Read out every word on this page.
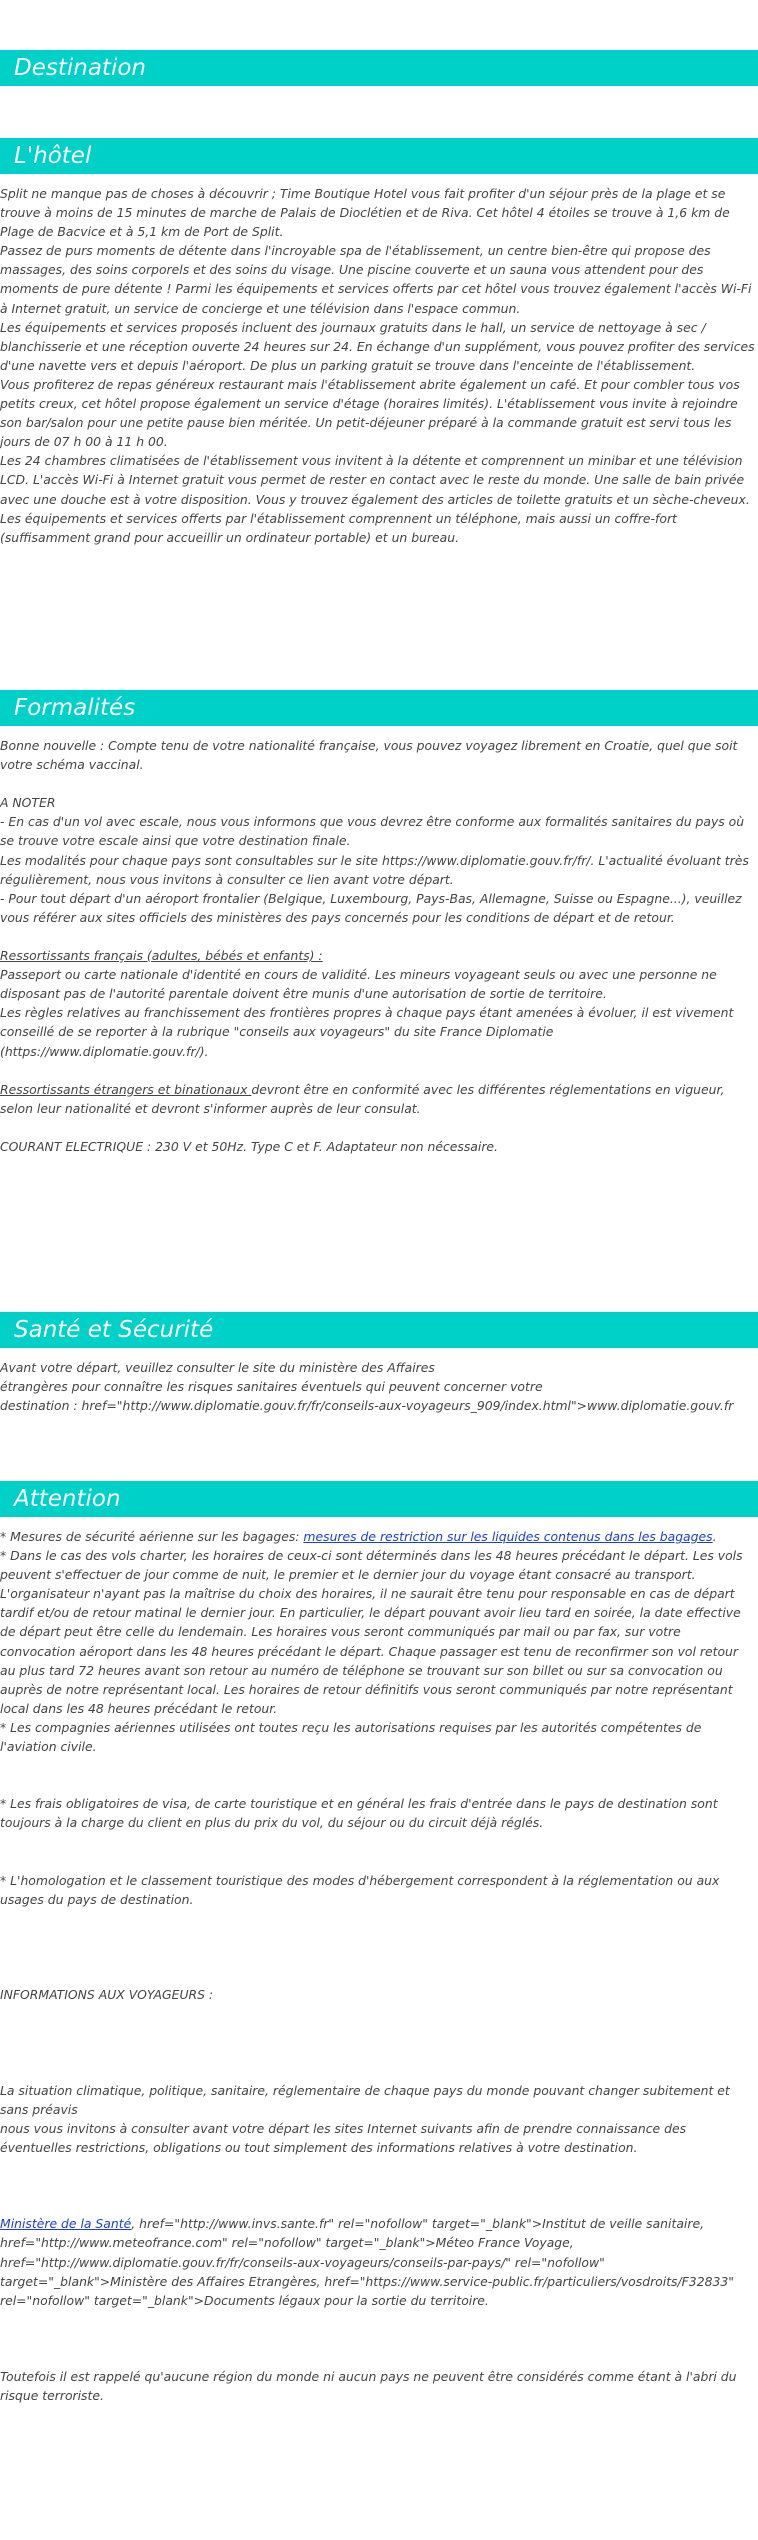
Destination
L'hôtel

Split ne manque pas de choses à découvrir ; Time Boutique Hotel vous fait profiter d'un séjour près de la plage et se trouve à moins de 15 minutes de marche de Palais de Dioclétien et de Riva. Cet hôtel 4 étoiles se trouve à 1,6 km de Plage de Bacvice et à 5,1 km de Port de Split.

Passez de purs moments de détente dans l'incroyable spa de l'établissement, un centre bien-être qui propose des massages, des soins corporels et des soins du visage. Une piscine couverte et un sauna vous attendent pour des moments de pure détente ! Parmi les équipements et services offerts par cet hôtel vous trouvez également l'accès Wi-Fi à Internet gratuit, un service de concierge et une télévision dans l'espace commun.

Les équipements et services proposés incluent des journaux gratuits dans le hall, un service de nettoyage à sec / blanchisserie et une réception ouverte 24 heures sur 24. En échange d'un supplément, vous pouvez profiter des services d'une navette vers et depuis l'aéroport. De plus un parking gratuit se trouve dans l'enceinte de l'établissement.

Vous profiterez de repas généreux restaurant mais l'établissement abrite également un café. Et pour combler tous vos petits creux, cet hôtel propose également un service d'étage (horaires limités). L'établissement vous invite à rejoindre son bar/salon pour une petite pause bien méritée. Un petit-déjeuner préparé à la commande gratuit est servi tous les jours de 07 h 00 à 11 h 00.

Les 24 chambres climatisées de l'établissement vous invitent à la détente et comprennent un minibar et une télévision LCD. L'accès Wi-Fi à Internet gratuit vous permet de rester en contact avec le reste du monde. Une salle de bain privée avec une douche est à votre disposition. Vous y trouvez également des articles de toilette gratuits et un sèche-cheveux.

Les équipements et services offerts par l'établissement comprennent un téléphone, mais aussi un coffre-fort (suffisamment grand pour accueillir un ordinateur portable) et un bureau.

Formalités

Bonne nouvelle : Compte tenu de votre nationalité française, vous pouvez voyagez librement en Croatie, quel que soit votre schéma vaccinal.

A NOTER

- En cas d'un vol avec escale, nous vous informons que vous devrez être conforme aux formalités sanitaires du pays où se trouve votre escale ainsi que votre destination finale.

Les modalités pour chaque pays sont consultables sur le site https://www.diplomatie.gouv.fr/fr/. L'actualité évoluant très régulièrement, nous vous invitons à consulter ce lien avant votre départ.

- Pour tout départ d'un aéroport frontalier (Belgique, Luxembourg, Pays-Bas, Allemagne, Suisse ou Espagne...), veuillez vous référer aux sites officiels des ministères des pays concernés pour les conditions de départ et de retour.

Ressortissants français (adultes, bébés et enfants) :

Passeport ou carte nationale d'identité en cours de validité. Les mineurs voyageant seuls ou avec une personne ne disposant pas de l'autorité parentale doivent être munis d'une autorisation de sortie de territoire.

Les règles relatives au franchissement des frontières propres à chaque pays étant amenées à évoluer, il est vivement conseillé de se reporter à la rubrique "conseils aux voyageurs" du site France Diplomatie (https://www.diplomatie.gouv.fr/).

Ressortissants étrangers et binationaux devront être en conformité avec les différentes réglementations en vigueur, selon leur nationalité et devront s'informer auprès de leur consulat.

COURANT ELECTRIQUE : 230 V et 50Hz. Type C et F. Adaptateur non nécessaire.

Santé et Sécurité

Avant votre départ, veuillez consulter le site du ministère des Affaires

étrangères pour connaître les risques sanitaires éventuels qui peuvent concerner votre

destination : href="http://www.diplomatie.gouv.fr/fr/conseils-aux-voyageurs_909/index.html">www.diplomatie.gouv.fr

Attention

* Mesures de sécurité aérienne sur les bagages: mesures de restriction sur les liquides contenus dans les bagages.

* Dans le cas des vols charter, les horaires de ceux-ci sont déterminés dans les 48 heures précédant le départ. Les vols peuvent s'effectuer de jour comme de nuit, le premier et le dernier jour du voyage étant consacré au transport. L'organisateur n'ayant pas la maîtrise du choix des horaires, il ne saurait être tenu pour responsable en cas de départ tardif et/ou de retour matinal le dernier jour. En particulier, le départ pouvant avoir lieu tard en soirée, la date effective de départ peut être celle du lendemain. Les horaires vous seront communiqués par mail ou par fax, sur votre convocation aéroport dans les 48 heures précédant le départ. Chaque passager est tenu de reconfirmer son vol retour au plus tard 72 heures avant son retour au numéro de téléphone se trouvant sur son billet ou sur sa convocation ou auprès de notre représentant local. Les horaires de retour définitifs vous seront communiqués par notre représentant local dans les 48 heures précédant le retour.

* Les compagnies aériennes utilisées ont toutes reçu les autorisations requises par les autorités compétentes de l'aviation civile.

* Les frais obligatoires de visa, de carte touristique et en général les frais d'entrée dans le pays de destination sont toujours à la charge du client en plus du prix du vol, du séjour ou du circuit déjà réglés.

* L'homologation et le classement touristique des modes d'hébergement correspondent à la réglementation ou aux usages du pays de destination.

INFORMATIONS AUX VOYAGEURS :

La situation climatique, politique, sanitaire, réglementaire de chaque pays du monde pouvant changer subitement et sans préavis

nous vous invitons à consulter avant votre départ les sites Internet suivants afin de prendre connaissance des éventuelles restrictions, obligations ou tout simplement des informations relatives à votre destination.

Ministère de la Santé, href="http://www.invs.sante.fr" rel="nofollow" target="_blank">Institut de veille sanitaire, href="http://www.meteofrance.com" rel="nofollow" target="_blank">Méteo France Voyage, href="http://www.diplomatie.gouv.fr/fr/conseils-aux-voyageurs/conseils-par-pays/" rel="nofollow" target="_blank">Ministère des Affaires Etrangères, href="https://www.service-public.fr/particuliers/vosdroits/F32833" rel="nofollow" target="_blank">Documents légaux pour la sortie du territoire.

Toutefois il est rappelé qu'aucune région du monde ni aucun pays ne peuvent être considérés comme étant à l'abri du risque terroriste.
